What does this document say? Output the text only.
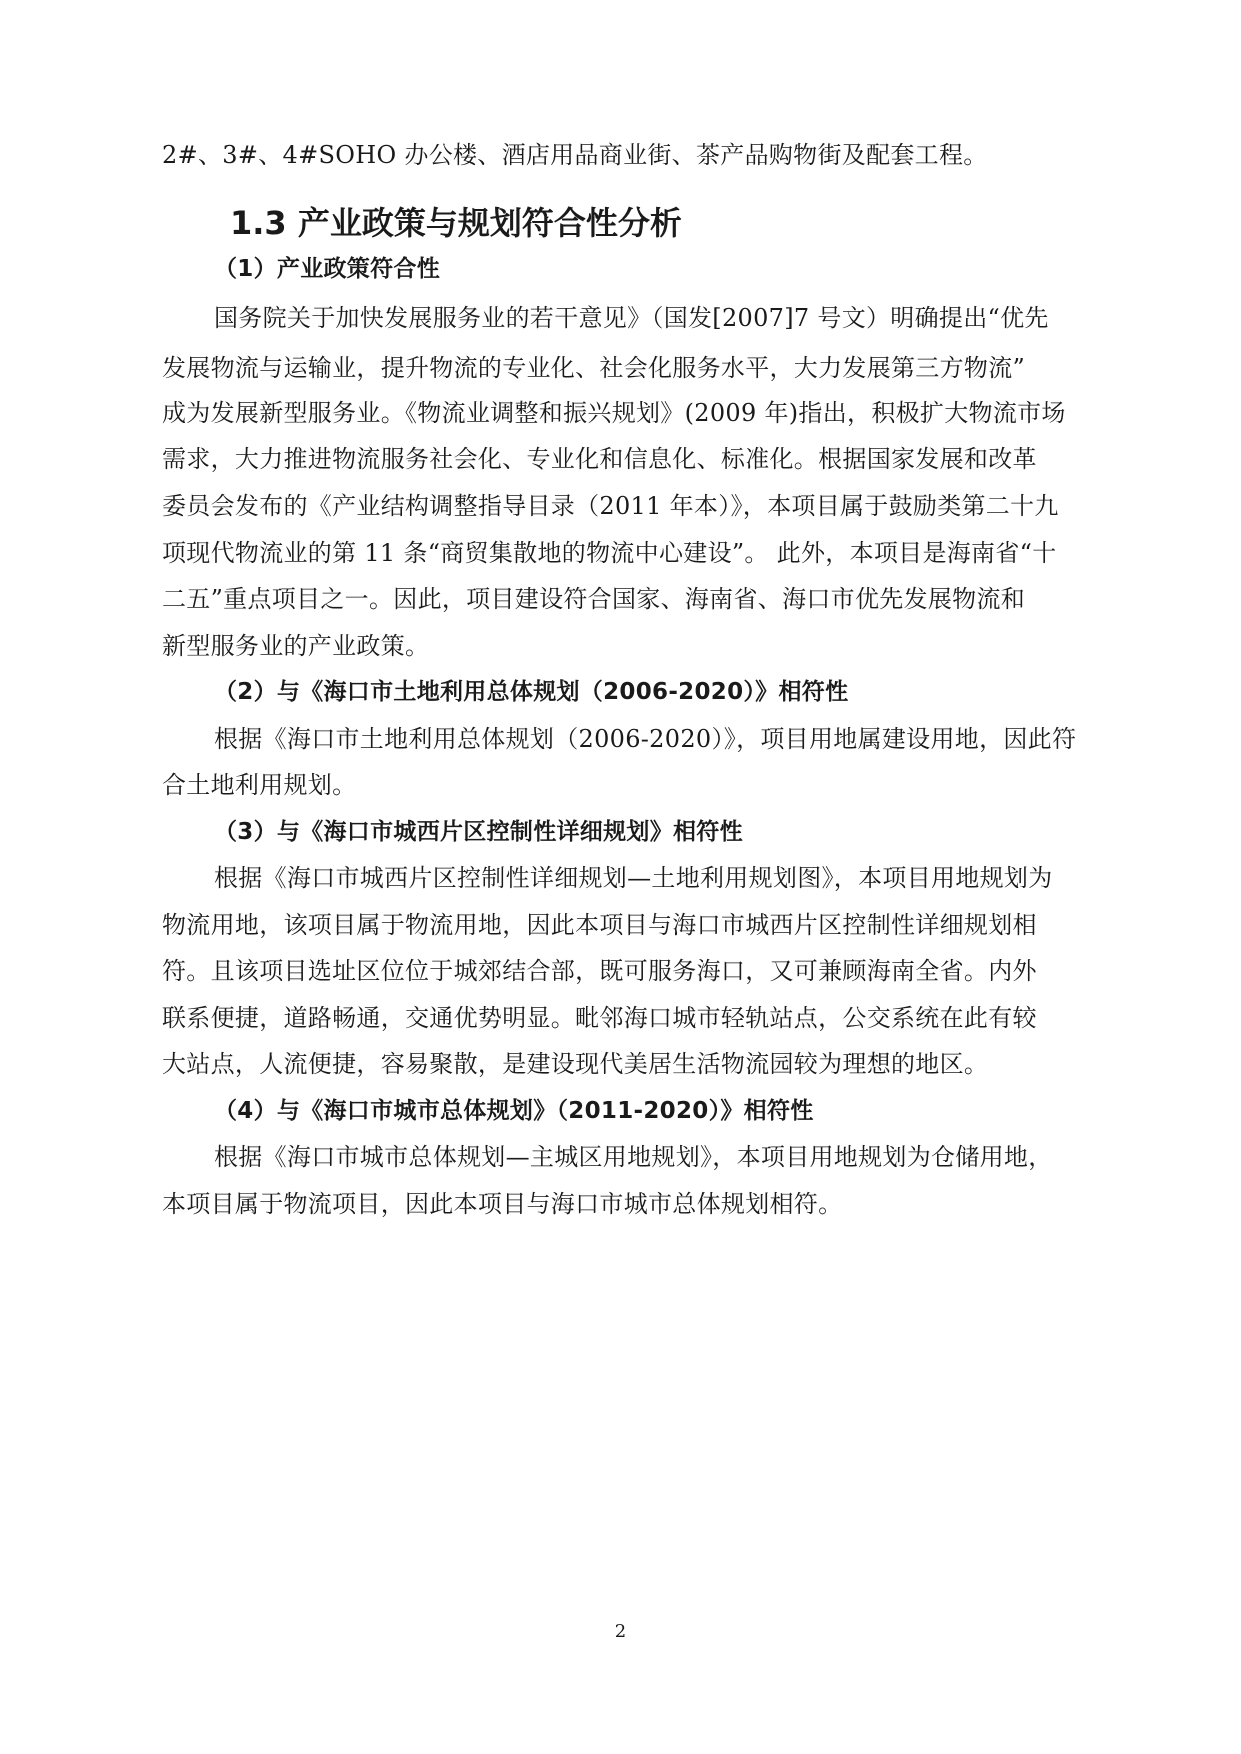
2#、3#、4#SOHO 办公楼、酒店用品商业街、茶产品购物街及配套工程。
1.3 产业政策与规划符合性分析
（1）产业政策符合性
国务院关于加快发展服务业的若干意见》（国发[2007]7 号文）明确提出“优先
发展物流与运输业，提升物流的专业化、社会化服务水平，大力发展第三方物流”
成为发展新型服务业。《物流业调整和振兴规划》(2009 年)指出，积极扩大物流市场
需求，大力推进物流服务社会化、专业化和信息化、标准化。根据国家发展和改革
委员会发布的《产业结构调整指导目录（2011 年本）》，本项目属于鼓励类第二十九
项现代物流业的第 11 条“商贸集散地的物流中心建设”。 此外，本项目是海南省“十
二五”重点项目之一。因此，项目建设符合国家、海南省、海口市优先发展物流和
新型服务业的产业政策。
（2）与《海口市土地利用总体规划（2006-2020）》相符性
根据《海口市土地利用总体规划（2006-2020）》，项目用地属建设用地，因此符
合土地利用规划。
（3）与《海口市城西片区控制性详细规划》相符性
根据《海口市城西片区控制性详细规划—土地利用规划图》，本项目用地规划为
物流用地，该项目属于物流用地，因此本项目与海口市城西片区控制性详细规划相
符。且该项目选址区位位于城郊结合部，既可服务海口，又可兼顾海南全省。内外
联系便捷，道路畅通，交通优势明显。毗邻海口城市轻轨站点，公交系统在此有较
大站点，人流便捷，容易聚散，是建设现代美居生活物流园较为理想的地区。
（4）与《海口市城市总体规划》（2011-2020）》相符性
根据《海口市城市总体规划—主城区用地规划》，本项目用地规划为仓储用地，
本项目属于物流项目，因此本项目与海口市城市总体规划相符。
2
